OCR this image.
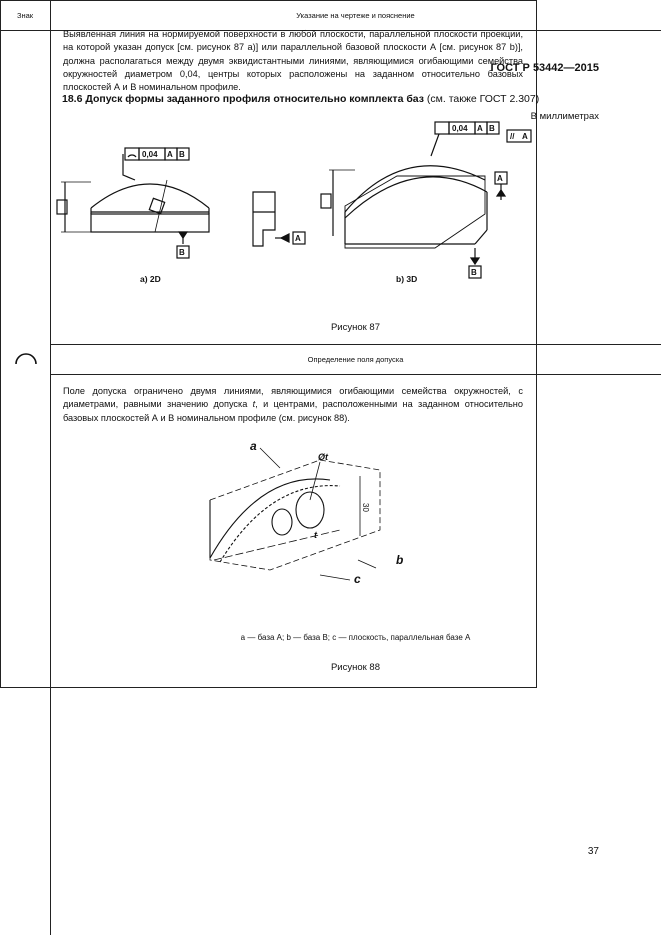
ГОСТ Р 53442—2015
18.6 Допуск формы заданного профиля относительно комплекта баз (см. также ГОСТ 2.307)
В миллиметрах
Знак	Указание на чертеже и пояснение
Выявленная линия на нормируемой поверхности в любой плоскости, параллельной плоскости проекции, на которой указан допуск [см. рисунок 87 а)] или параллельной базовой плоскости А [см. рисунок 87 b)], должна располагаться между двумя эквидистантными линиями, являющимися огибающими семейства окружностей диаметром 0,04, центры которых расположены на заданном относительно базовых плоскостей А и В номинальном профиле.
0,04 A B
0,04 A B
// A
A
B
A
B
а) 2D	b) 3D
Рисунок 87
Определение поля допуска
Поле допуска ограничено двумя линиями, являющимися огибающими семейства окружностей, с диаметрами, равными значению допуска t, и центрами, расположенными на заданном относительно базовых плоскостей А и В номинальном профиле (см. рисунок 88).
a
b
c
Øt
t
30
a — база А; b — база В; c — плоскость, параллельная базе А
Рисунок 88
37
